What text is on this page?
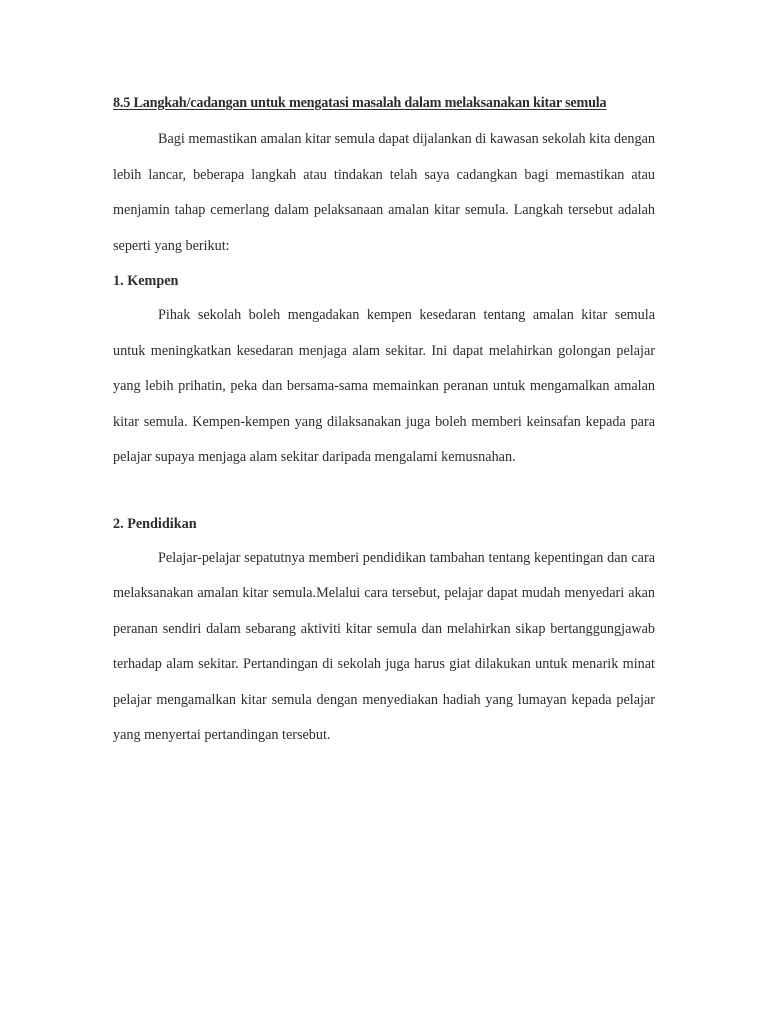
8.5 Langkah/cadangan untuk mengatasi masalah dalam melaksanakan kitar semula

Bagi memastikan amalan kitar semula dapat dijalankan di kawasan sekolah kita dengan lebih lancar, beberapa langkah atau tindakan telah saya cadangkan bagi memastikan atau menjamin tahap cemerlang dalam pelaksanaan amalan kitar semula. Langkah tersebut adalah seperti yang berikut:

1. Kempen

Pihak sekolah boleh mengadakan kempen kesedaran tentang amalan kitar semula untuk meningkatkan kesedaran menjaga alam sekitar. Ini dapat melahirkan golongan pelajar yang lebih prihatin, peka dan bersama-sama memainkan peranan untuk mengamalkan amalan kitar semula. Kempen-kempen yang dilaksanakan juga boleh memberi keinsafan kepada para pelajar supaya menjaga alam sekitar daripada mengalami kemusnahan.

2. Pendidikan

Pelajar-pelajar sepatutnya memberi pendidikan tambahan tentang kepentingan dan cara melaksanakan amalan kitar semula.Melalui cara tersebut, pelajar dapat mudah menyedari akan peranan sendiri dalam sebarang aktiviti kitar semula dan melahirkan sikap bertanggungjawab terhadap alam sekitar. Pertandingan di sekolah juga harus giat dilakukan untuk menarik minat pelajar mengamalkan kitar semula dengan menyediakan hadiah yang lumayan kepada pelajar yang menyertai pertandingan tersebut.
